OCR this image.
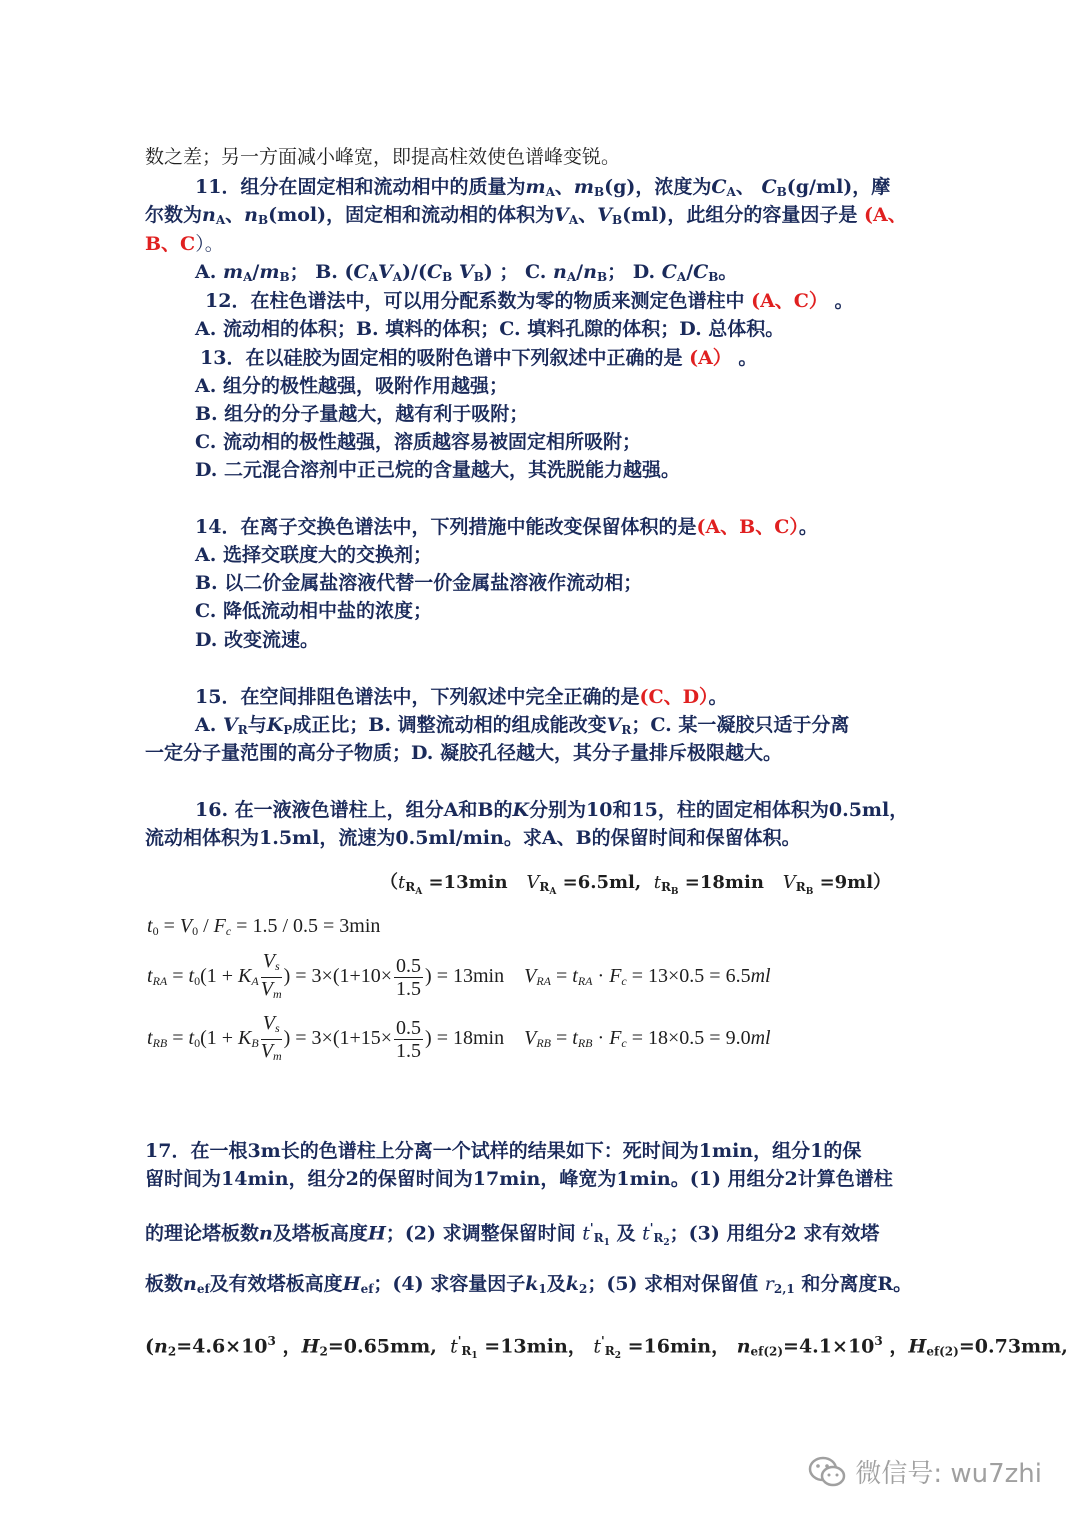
数之差；另一方面减小峰宽，即提高柱效使色谱峰变锐。
11．组分在固定相和流动相中的质量为$m_A$、$m_B(g)$，浓度为$C_A$、 $C_B(g/ml)$，摩
尔数为$n_A$、$n_B(mol)$，固定相和流动相的体积为$V_A$、$V_B(ml)$，此组分的容量因子是 (A、
B、C）。
A. $m_A/m_B$； B. $(C_AV_A)/(C_B$ $V_B$) ； C. $n_A/n_B$； D. $C_A/C_B$。
12．在柱色谱法中，可以用分配系数为零的物质来测定色谱柱中 (A、C） 。
A. 流动相的体积；B. 填料的体积；C. 填料孔隙的体积；D. 总体积。
13．在以硅胶为固定相的吸附色谱中下列叙述中正确的是 (A） 。
A. 组分的极性越强，吸附作用越强；
B. 组分的分子量越大，越有利于吸附；
C. 流动相的极性越强，溶质越容易被固定相所吸附；
D. 二元混合溶剂中正己烷的含量越大，其洗脱能力越强。
14．在离子交换色谱法中，下列措施中能改变保留体积的是(A、B、C）。
A. 选择交联度大的交换剂；
B. 以二价金属盐溶液代替一价金属盐溶液作流动相；
C. 降低流动相中盐的浓度；
D. 改变流速。
15．在空间排阻色谱法中，下列叙述中完全正确的是(C、D）。
A. $V_R$与$K_P$成正比；B. 调整流动相的组成能改变$V_R$；C. 某一凝胶只适于分离
一定分子量范围的高分子物质；D. 凝胶孔径越大，其分子量排斥极限越大。
16. 在一液液色谱柱上，组分A和B的K分别为10和15，柱的固定相体积为0.5ml，
流动相体积为1.5ml，流速为0.5ml/min。求A、B的保留时间和保留体积。
（$t_{R_A} =13\min$   $V_{R_A} =6.5ml$,  $t_{R_B} =18\min$   $V_{R_B} =9ml$）
$t_0 = V_0 / F_c = 1.5 / 0.5 = 3\min$
$t_{RA} = t_0(1 + K_A \frac{V_s}{V_m}$ ) = $3\times(1+10\times \frac{0.5}{1.5}$ ) = 13min    $V_{RA} = t_{RA} \cdot F_c = 13\times 0.5 = 6.5ml$
$t_{RB} = t_0(1 + K_B \frac{V_s}{V_m}$ ) = $3\times(1+15\times \frac{0.5}{1.5}$ ) = 18min    $V_{RB} = t_{RB} \cdot F_c = 18\times 0.5 = 9.0ml$
17．在一根3m长的色谱柱上分离一个试样的结果如下：死时间为1min，组分1的保
留时间为14min，组分2的保留时间为17min，峰宽为1min。(1) 用组分2计算色谱柱
的理论塔板数n及塔板高度H；(2) 求调整保留时间 $t'_{R_1}$ 及 $t'_{R_2}$；(3) 用组分2 求有效塔
板数$n_{ef}$及有效塔板高度$H_{ef}$；(4) 求容量因子$k_1$及$k_2$；(5) 求相对保留值 $r_{2,1}$ 和分离度R。
($n_2=4.6\times 10^3$ ，$H_2=0.65mm$,  $t'_{R_1} =13\min$， $t'_{R_2} =16\min$， $n_{ef(2)}=4.1\times 10^3$ ，$H_{ef(2)}=0.73mm$,
微信号: wu7zhi
